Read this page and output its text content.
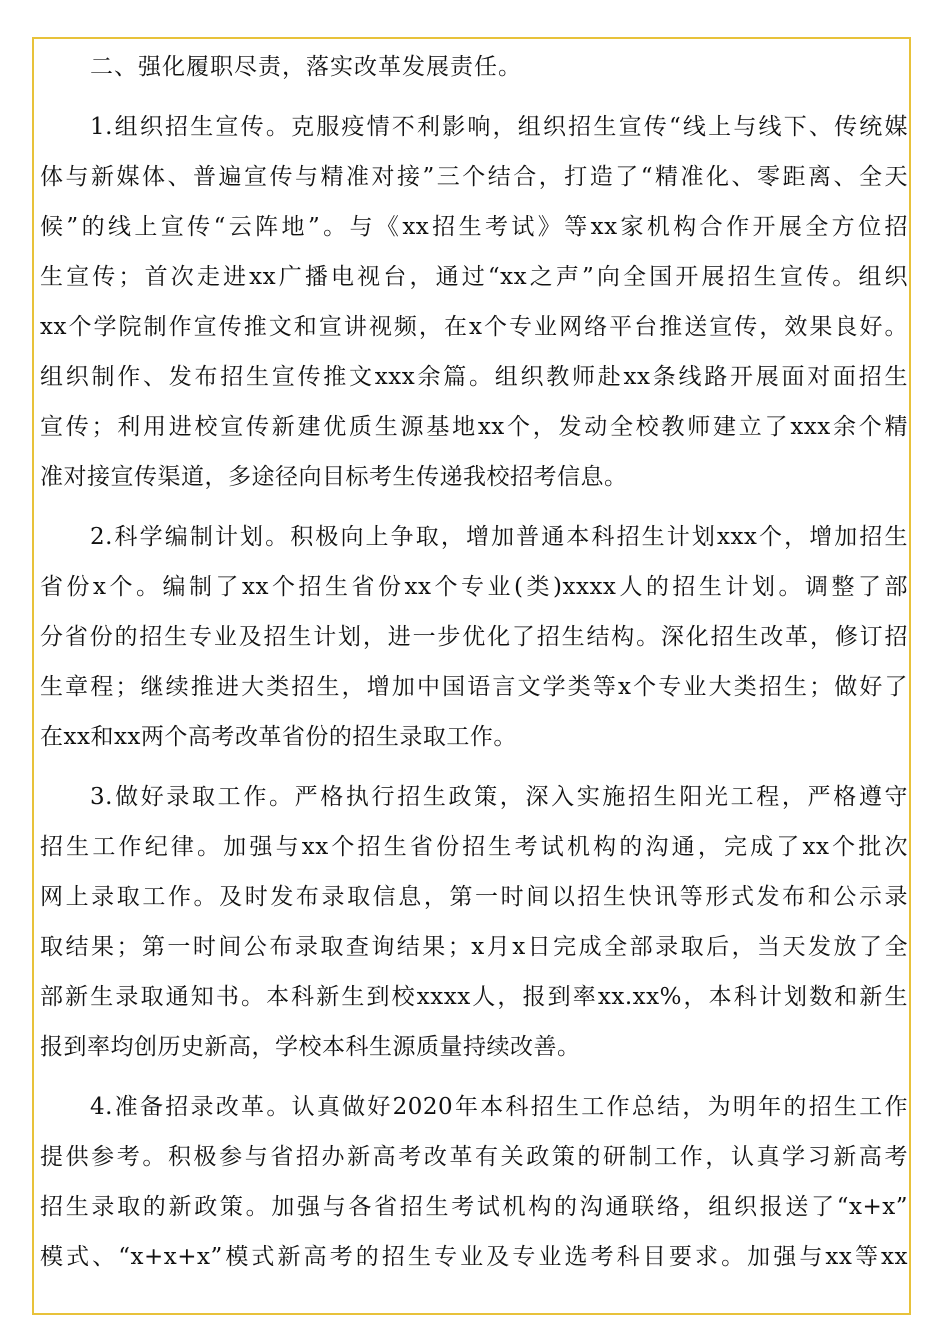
二、强化履职尽责，落实改革发展责任。

1.组织招生宣传。克服疫情不利影响，组织招生宣传“线上与线下、传统媒
体与新媒体、普遍宣传与精准对接”三个结合，打造了“精准化、零距离、全天
候”的线上宣传“云阵地”。与《xx招生考试》等xx家机构合作开展全方位招
生宣传；首次走进xx广播电视台，通过“xx之声”向全国开展招生宣传。组织
xx个学院制作宣传推文和宣讲视频，在x个专业网络平台推送宣传，效果良好。
组织制作、发布招生宣传推文xxx余篇。组织教师赴xx条线路开展面对面招生
宣传；利用进校宣传新建优质生源基地xx个，发动全校教师建立了xxx余个精
准对接宣传渠道，多途径向目标考生传递我校招考信息。
2.科学编制计划。积极向上争取，增加普通本科招生计划xxx个，增加招生
省份x个。编制了xx个招生省份xx个专业(类)xxxx人的招生计划。调整了部
分省份的招生专业及招生计划，进一步优化了招生结构。深化招生改革，修订招
生章程；继续推进大类招生，增加中国语言文学类等x个专业大类招生；做好了
在xx和xx两个高考改革省份的招生录取工作。
3.做好录取工作。严格执行招生政策，深入实施招生阳光工程，严格遵守
招生工作纪律。加强与xx个招生省份招生考试机构的沟通，完成了xx个批次
网上录取工作。及时发布录取信息，第一时间以招生快讯等形式发布和公示录
取结果；第一时间公布录取查询结果；x月x日完成全部录取后，当天发放了全
部新生录取通知书。本科新生到校xxxx人，报到率xx.xx%，本科计划数和新生
报到率均创历史新高，学校本科生源质量持续改善。
4.准备招录改革。认真做好2020年本科招生工作总结，为明年的招生工作
提供参考。积极参与省招办新高考改革有关政策的研制工作，认真学习新高考
招生录取的新政策。加强与各省招生考试机构的沟通联络，组织报送了“x+x”
模式、“x+x+x”模式新高考的招生专业及专业选考科目要求。加强与xx等xx
